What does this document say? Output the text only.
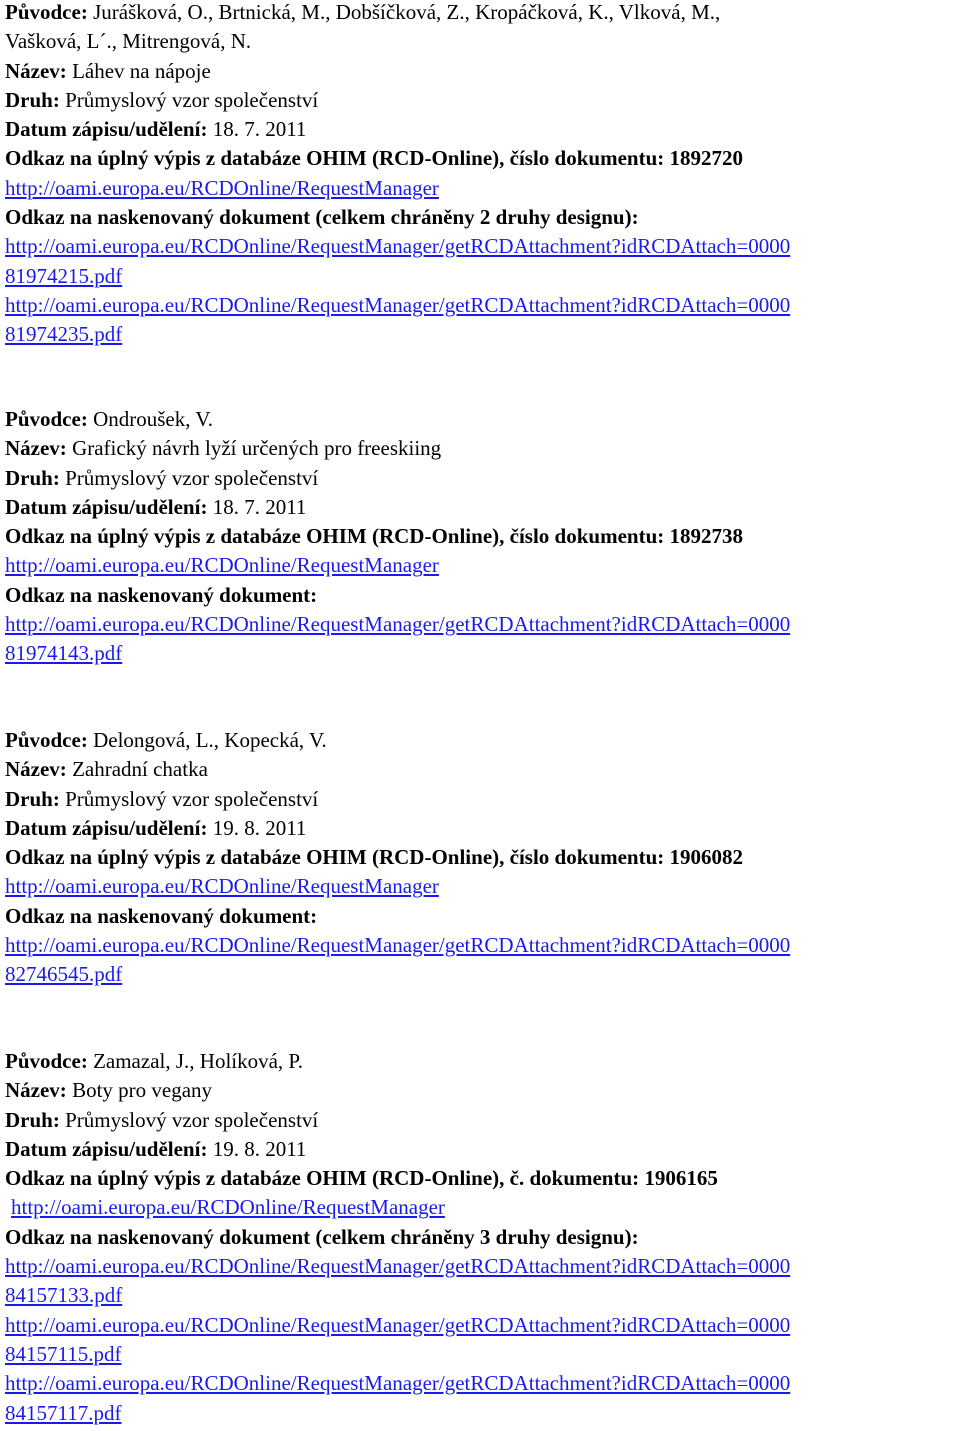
Původce: Jurášková, O., Brtnická, M., Dobšíčková, Z., Kropáčková, K., Vlková, M.,
Vašková, L´., Mitrengová, N.
Název: Láhev na nápoje
Druh: Průmyslový vzor společenství
Datum zápisu/udělení: 18. 7. 2011
Odkaz na úplný výpis z databáze OHIM (RCD-Online), číslo dokumentu: 1892720
http://oami.europa.eu/RCDOnline/RequestManager
Odkaz na naskenovaný dokument (celkem chráněny 2 druhy designu):
http://oami.europa.eu/RCDOnline/RequestManager/getRCDAttachment?idRCDAttach=0000
81974215.pdf
http://oami.europa.eu/RCDOnline/RequestManager/getRCDAttachment?idRCDAttach=0000
81974235.pdf
Původce: Ondroušek, V.
Název: Grafický návrh lyží určených pro freeskiing
Druh: Průmyslový vzor společenství
Datum zápisu/udělení: 18. 7. 2011
Odkaz na úplný výpis z databáze OHIM (RCD-Online), číslo dokumentu: 1892738
http://oami.europa.eu/RCDOnline/RequestManager
Odkaz na naskenovaný dokument:
http://oami.europa.eu/RCDOnline/RequestManager/getRCDAttachment?idRCDAttach=0000
81974143.pdf
Původce: Delongová, L., Kopecká, V.
Název: Zahradní chatka
Druh: Průmyslový vzor společenství
Datum zápisu/udělení: 19. 8. 2011
Odkaz na úplný výpis z databáze OHIM (RCD-Online), číslo dokumentu: 1906082
http://oami.europa.eu/RCDOnline/RequestManager
Odkaz na naskenovaný dokument:
http://oami.europa.eu/RCDOnline/RequestManager/getRCDAttachment?idRCDAttach=0000
82746545.pdf
Původce: Zamazal, J., Holíková, P.
Název: Boty pro vegany
Druh: Průmyslový vzor společenství
Datum zápisu/udělení: 19. 8. 2011
Odkaz na úplný výpis z databáze OHIM (RCD-Online), č. dokumentu: 1906165
http://oami.europa.eu/RCDOnline/RequestManager
Odkaz na naskenovaný dokument (celkem chráněny 3 druhy designu):
http://oami.europa.eu/RCDOnline/RequestManager/getRCDAttachment?idRCDAttach=0000
84157133.pdf
http://oami.europa.eu/RCDOnline/RequestManager/getRCDAttachment?idRCDAttach=0000
84157115.pdf
http://oami.europa.eu/RCDOnline/RequestManager/getRCDAttachment?idRCDAttach=0000
84157117.pdf
